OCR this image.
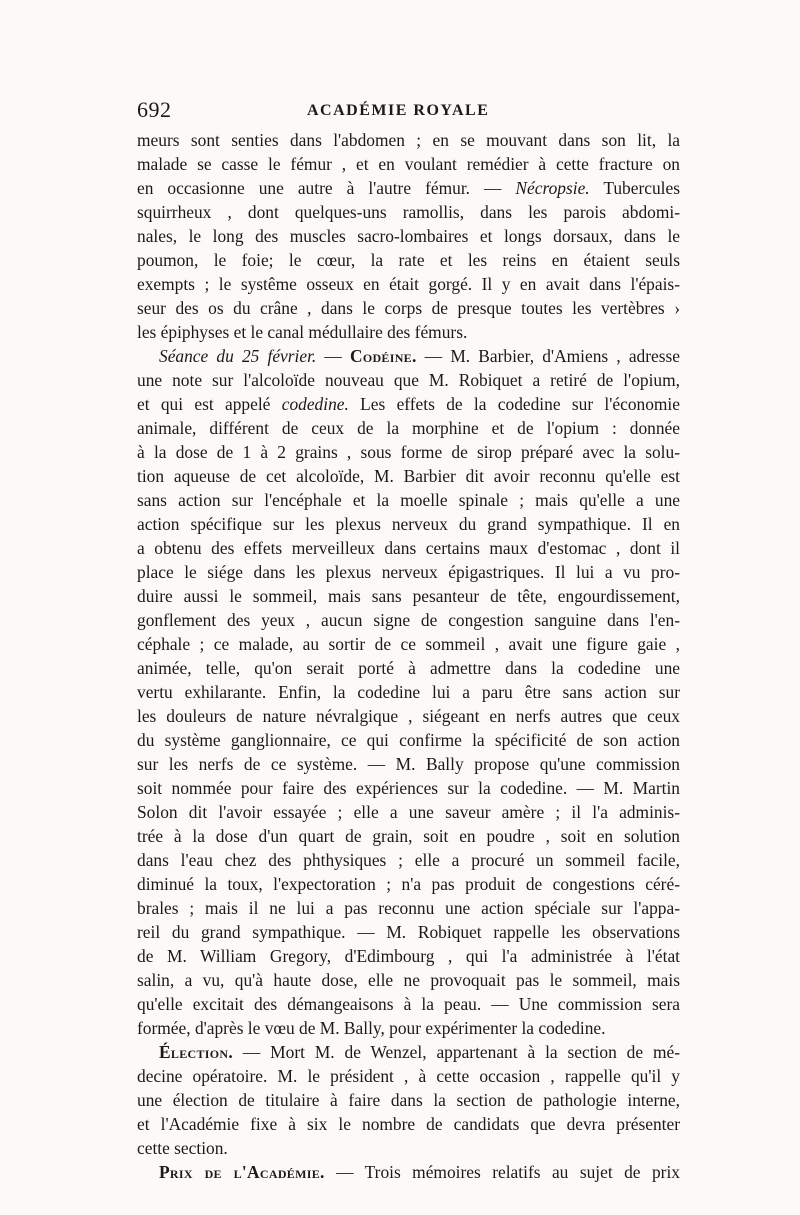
692	ACADÉMIE ROYALE
meurs sont senties dans l'abdomen ; en se mouvant dans son lit, la
malade se casse le fémur , et en voulant remédier à cette fracture on
en occasionne une autre à l'autre fémur. — Nécropsie. Tubercules
squirrheux , dont quelques-uns ramollis, dans les parois abdomi-
nales, le long des muscles sacro-lombaires et longs dorsaux, dans le
poumon, le foie; le cœur, la rate et les reins en étaient seuls
exempts ; le systême osseux en était gorgé. Il y en avait dans l'épais-
seur des os du crâne , dans le corps de presque toutes les vertèbres ›
les épiphyses et le canal médullaire des fémurs.
Séance du 25 février. — Codéine. — M. Barbier, d'Amiens , adresse
une note sur l'alcoloïde nouveau que M. Robiquet a retiré de l'opium,
et qui est appelé codedine. Les effets de la codedine sur l'économie
animale, différent de ceux de la morphine et de l'opium : donnée
à la dose de 1 à 2 grains , sous forme de sirop préparé avec la solu-
tion aqueuse de cet alcoloïde, M. Barbier dit avoir reconnu qu'elle est
sans action sur l'encéphale et la moelle spinale ; mais qu'elle a une
action spécifique sur les plexus nerveux du grand sympathique. Il en
a obtenu des effets merveilleux dans certains maux d'estomac , dont il
place le siége dans les plexus nerveux épigastriques. Il lui a vu pro-
duire aussi le sommeil, mais sans pesanteur de tête, engourdissement,
gonflement des yeux , aucun signe de congestion sanguine dans l'en-
céphale ; ce malade, au sortir de ce sommeil , avait une figure gaie ,
animée, telle, qu'on serait porté à admettre dans la codedine une
vertu exhilarante. Enfin, la codedine lui a paru être sans action sur
les douleurs de nature névralgique , siégeant en nerfs autres que ceux
du système ganglionnaire, ce qui confirme la spécificité de son action
sur les nerfs de ce système. — M. Bally propose qu'une commission
soit nommée pour faire des expériences sur la codedine. — M. Martin
Solon dit l'avoir essayée ; elle a une saveur amère ; il l'a adminis-
trée à la dose d'un quart de grain, soit en poudre , soit en solution
dans l'eau chez des phthysiques ; elle a procuré un sommeil facile,
diminué la toux, l'expectoration ; n'a pas produit de congestions céré-
brales ; mais il ne lui a pas reconnu une action spéciale sur l'appa-
reil du grand sympathique. — M. Robiquet rappelle les observations
de M. William Gregory, d'Edimbourg , qui l'a administrée à l'état
salin, a vu, qu'à haute dose, elle ne provoquait pas le sommeil, mais
qu'elle excitait des démangeaisons à la peau. — Une commission sera
formée, d'après le vœu de M. Bally, pour expérimenter la codedine.
Élection. — Mort M. de Wenzel, appartenant à la section de mé-
decine opératoire. M. le président , à cette occasion , rappelle qu'il y
une élection de titulaire à faire dans la section de pathologie interne,
et l'Académie fixe à six le nombre de candidats que devra présenter
cette section.
Prix de l'Académie. — Trois mémoires relatifs au sujet de prix
